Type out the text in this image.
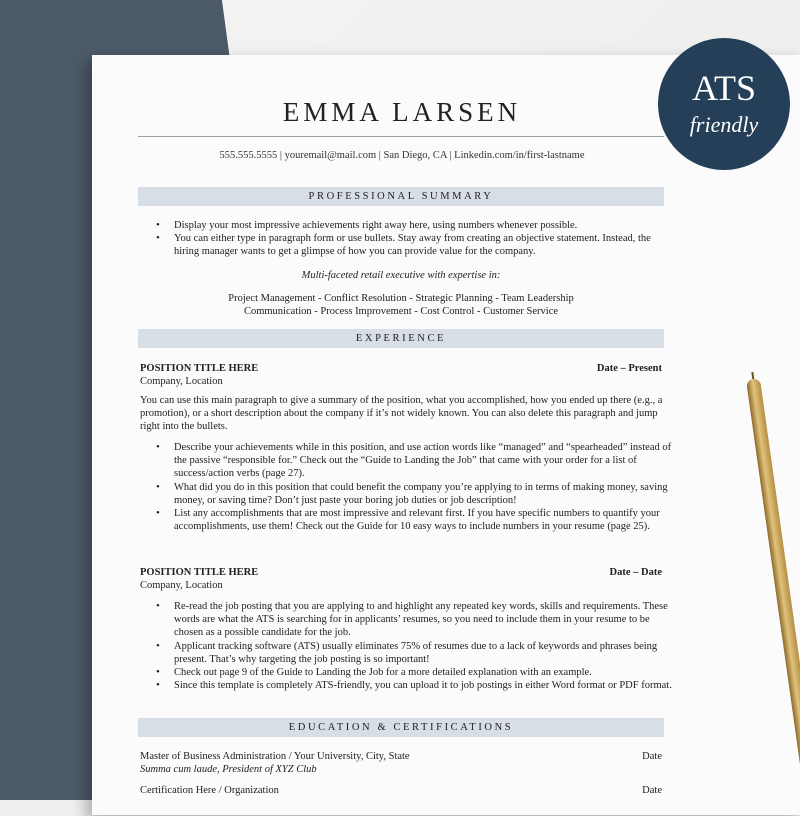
EMMA LARSEN
555.555.5555 | youremail@mail.com | San Diego, CA | Linkedin.com/in/first-lastname
PROFESSIONAL SUMMARY
• Display your most impressive achievements right away here, using numbers whenever possible.
• You can either type in paragraph form or use bullets. Stay away from creating an objective statement. Instead, the hiring manager wants to get a glimpse of how you can provide value for the company.
Multi-faceted retail executive with expertise in:
Project Management - Conflict Resolution - Strategic Planning - Team Leadership
Communication - Process Improvement - Cost Control - Customer Service
EXPERIENCE
POSITION TITLE HERE	Date – Present
Company, Location
You can use this main paragraph to give a summary of the position, what you accomplished, how you ended up there (e.g., a promotion), or a short description about the company if it’s not widely known. You can also delete this paragraph and jump right into the bullets.
• Describe your achievements while in this position, and use action words like “managed” and “spearheaded” instead of the passive “responsible for.” Check out the “Guide to Landing the Job” that came with your order for a list of success/action verbs (page 27).
• What did you do in this position that could benefit the company you’re applying to in terms of making money, saving money, or saving time? Don’t just paste your boring job duties or job description!
• List any accomplishments that are most impressive and relevant first. If you have specific numbers to quantify your accomplishments, use them! Check out the Guide for 10 easy ways to include numbers in your resume (page 25).
POSITION TITLE HERE	Date – Date
Company, Location
• Re-read the job posting that you are applying to and highlight any repeated key words, skills and requirements. These words are what the ATS is searching for in applicants’ resumes, so you need to include them in your resume to be chosen as a possible candidate for the job.
• Applicant tracking software (ATS) usually eliminates 75% of resumes due to a lack of keywords and phrases being present. That’s why targeting the job posting is so important!
• Check out page 9 of the Guide to Landing the Job for a more detailed explanation with an example.
• Since this template is completely ATS-friendly, you can upload it to job postings in either Word format or PDF format.
EDUCATION & CERTIFICATIONS
Master of Business Administration / Your University, City, State	Date
Summa cum laude, President of XYZ Club
Certification Here / Organization	Date
ATS
friendly
